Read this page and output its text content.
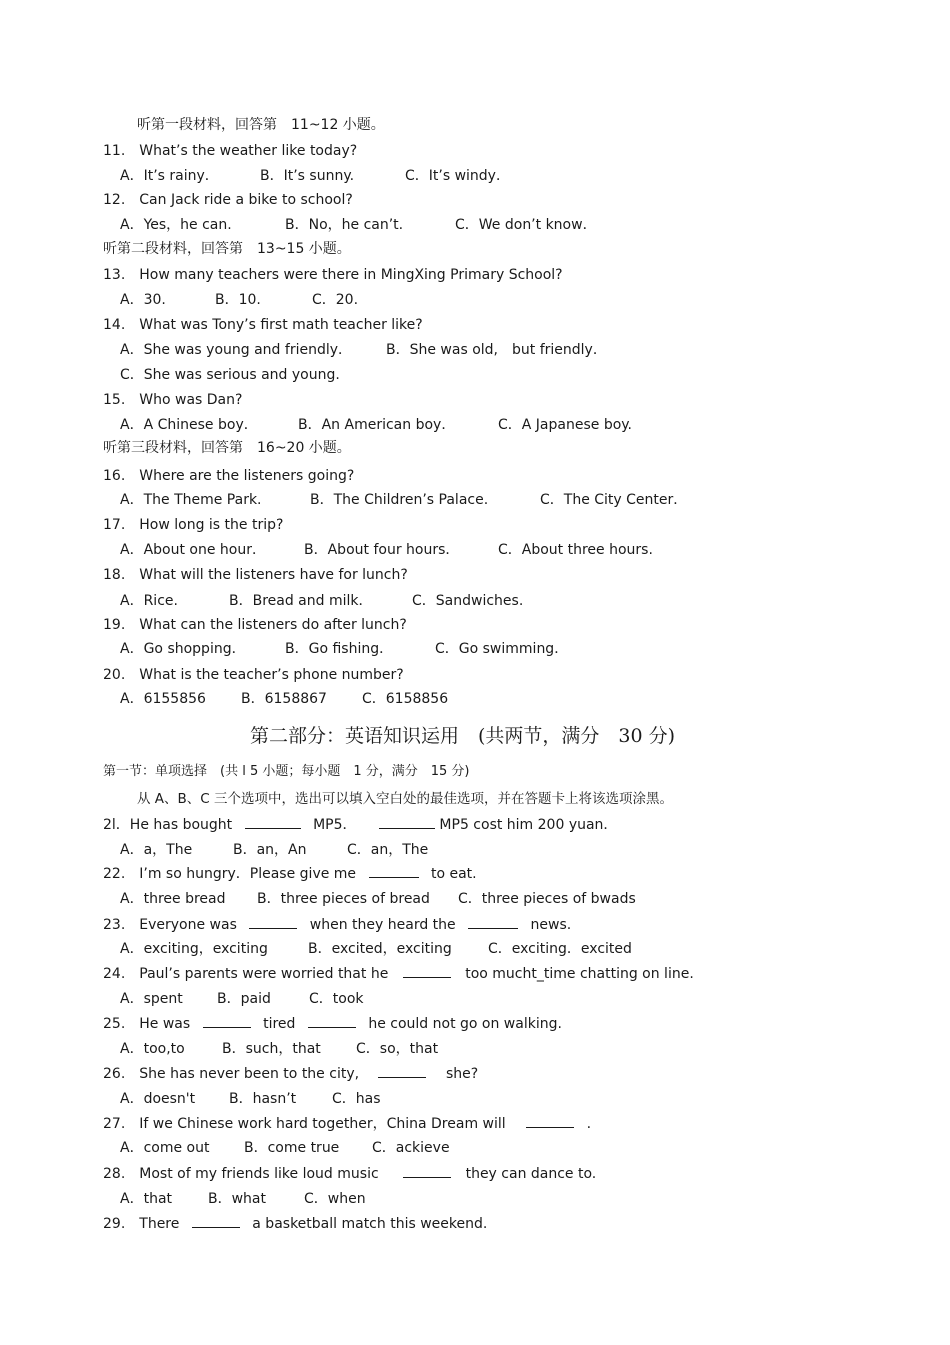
听第一段材料，回答第　11~12 小题。
11.　What’s the weather like today?
A．It’s rainy．	B．It’s sunny.	C．It’s windy．
12.　Can Jack ride a bike to school?
A．Yes，he can.	B．No，he can’t.	C．We don’t know．
听第二段材料，回答第　13~15 小题。
13.　How many teachers were there in MingXing Primary School?
A．30.	B．10.	C．20.
14.　What was Tony’s first math teacher like?
A．She was young and friendly． B．She was old,　but friendly．
C．She was serious and young.
15.　Who was Dan?
A．A Chinese boy．	B．An American boy．	C．A Japanese boy.
听第三段材料，回答第　16~20 小题。
16.　Where are the listeners going?
A．The Theme Park.	B．The Children’s Palace.	C．The City Center．
17.　How long is the trip?
A．About one hour．	B．About four hours．	C．About three hours.
18.　What will the listeners have for lunch?
A．Rice.	B．Bread and milk．	C．Sandwiches.
19.　What can the listeners do after lunch?
A．Go shopping．	B．Go fishing．	C．Go swimming．
20.　What is the teacher’s phone number?
A．6155856	B．6158867	C．6158856
第二部分：英语知识运用　(共两节，满分　30 分)
第一节：单项选择　(共 l 5 小题；每小题　1 分，满分　15 分)
从 A、B、C 三个选项中，选出可以填入空白处的最佳选项，并在答题卡上将该选项涂黑。
2l．He has bought	MP5．	MP5 cost him 200 yuan．
A．a，The	B．an，An	C．an，The
22.　I’m so hungry．Please give me	to eat.
A．three bread B．three pieces of bread C．three pieces of bwads
23.　Everyone was	when they heard the	news.
A．exciting，exciting	B．excited，exciting	C．exciting．excited
24.　Paul’s parents were worried that he	too mucht_time chatting on line.
A．spent B．paid	C．took
25.　He was	tired	he could not go on walking.
A．too,to	B．such，that	C．so，that
26.　She has never been to the city,	she?
A．doesn't B．hasn’t	C．has
27.　If we Chinese work hard together，China Dream will	.
A．come out B．come true C．ackieve
28.　Most of my friends like loud music	they can dance to.
A．that	B．what	C．when
29.　There	a basketball match this weekend.
